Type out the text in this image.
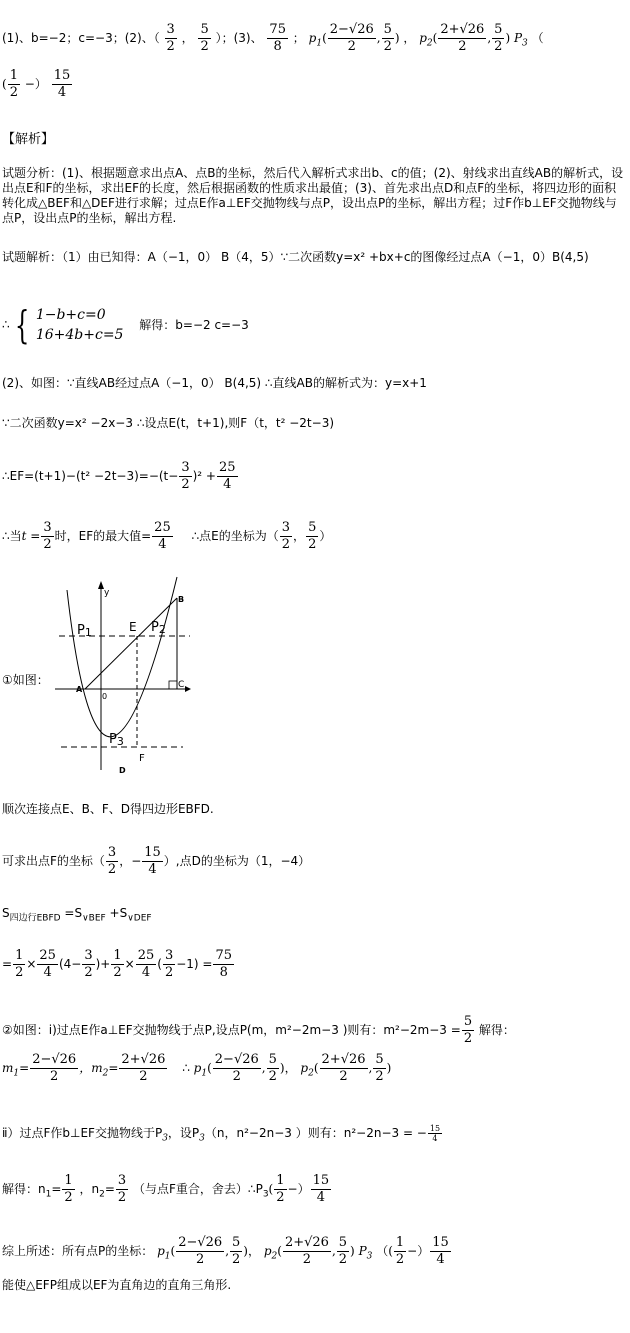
(1)、b=−2；c=−3；(2)、（ $\frac{3}{2}$ ， $\frac{5}{2}$ ）；(3)、 $\frac{75}{8}$ ； $p_1( \frac{2-√26}{2}$ , $\frac{5}{2}$ ) ， $p_2( \frac{2+√26}{2}$ , $\frac{5}{2}$ ) $P_3$ （
( $\frac{1}{2}$ −） $\frac{15}{4}$
【解析】
试题分析：(1)、根据题意求出点A、点B的坐标，然后代入解析式求出b、c的值；(2)、射线求出直线AB的解析式，设出点E和F的坐标，求出EF的长度，然后根据函数的性质求出最值；(3)、首先求出点D和点F的坐标，将四边形的面积转化成△BEF和△DEF进行求解；过点E作a⊥EF交抛物线与点P，设出点P的坐标，解出方程；过F作b⊥EF交抛物线与点P，设出点P的坐标，解出方程.
试题解析：（1）由已知得：A（−1，0） B（4，5）∵二次函数y=x² +bx+c的图像经过点A（−1，0）B(4,5)
∴ { 1−b+c=0
16+4b+c=5
解得：b=−2 c=−3
(2)、如图：∵直线AB经过点A（−1，0） B(4,5) ∴直线AB的解析式为：y=x+1
∵二次函数y=x² −2x−3 ∴设点E(t，t+1),则F（t，t² −2t−3)
∴EF=(t+1)−(t² $-2t-3)=-(t- \frac{3}{2} )^2 + \frac{25}{4}$
∴当$t = \frac{3}{2}$ 时，EF的最大值= $\frac{25}{4}$ ∴点E的坐标为（ $\frac{3}{2}$ ， $\frac{5}{2}$ ）
①如图：
y
B
P1	E P2
A
0
C
P3
F
D
顺次连接点E、B、F、D得四边形EBFD.
可求出点F的坐标（ $\frac{3}{2}$ ，− $\frac{15}{4}$ ）,点D的坐标为（1，−4）
$S_{四边行EBFD} =S_{\vee BEF} +S_{\vee DEF}$
= $\frac{1}{2} \times \frac{25}{4} (4- \frac{3}{2}$ )+ $\frac{1}{2} \times \frac{25}{4}$ ( $\frac{3}{2} -1) = \frac{75}{8}$
②如图：ⅰ)过点E作a⊥EF交抛物线于点P,设点P(m，m²−2m−3 )则有：$m^2-2m-3 = \frac{5}{2}$ 解得：
$m_1= \frac{2-√26}{2}$ ，$m_2= \frac{2+√26}{2}$ ∴ $p_1( \frac{2-√26}{2}$ , $\frac{5}{2}$ )， $p_2( \frac{2+√26}{2}$ , $\frac{5}{2}$ )
ⅱ）过点F作b⊥EF交抛物线于$P_3$，设$P_3(n$，n²−2n−3 ）则有：n²−2n−3 = − $\frac{15}{4}$
解得：$n_1= \frac{1}{2}$ ，$n_2= \frac{3}{2}$ （与点F重合，舍去）$\therefore P_3( \frac{1}{2}$ −） $\frac{15}{4}$
综上所述：所有点P的坐标： $p_1( \frac{2-√26}{2}$ , $\frac{5}{2}$ )， $p_2( \frac{2+√26}{2}$ , $\frac{5}{2}$ ) $P_3$ （( $\frac{1}{2}$ −） $\frac{15}{4}$
能使△EFP组成以EF为直角边的直角三角形.
